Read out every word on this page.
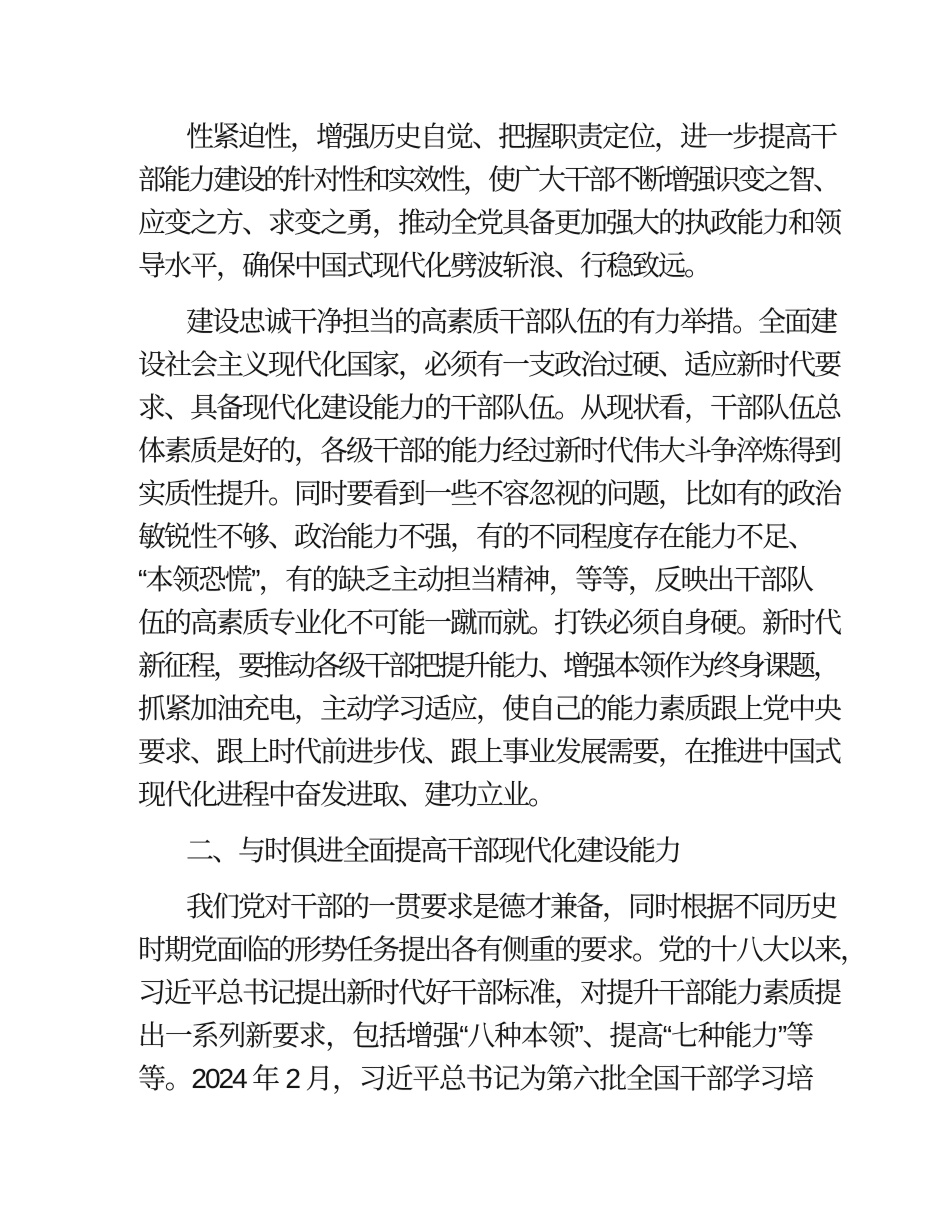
性紧迫性，增强历史自觉、把握职责定位，进一步提高干
部能力建设的针对性和实效性，使广大干部不断增强识变之智、
应变之方、求变之勇，推动全党具备更加强大的执政能力和领
导水平，确保中国式现代化劈波斩浪、行稳致远。
建设忠诚干净担当的高素质干部队伍的有力举措。全面建
设社会主义现代化国家，必须有一支政治过硬、适应新时代要
求、具备现代化建设能力的干部队伍。从现状看，干部队伍总
体素质是好的，各级干部的能力经过新时代伟大斗争淬炼得到
实质性提升。同时要看到一些不容忽视的问题，比如有的政治
敏锐性不够、政治能力不强，有的不同程度存在能力不足、
“本领恐慌”，有的缺乏主动担当精神，等等，反映出干部队
伍的高素质专业化不可能一蹴而就。打铁必须自身硬。新时代
新征程，要推动各级干部把提升能力、增强本领作为终身课题，
抓紧加油充电，主动学习适应，使自己的能力素质跟上党中央
要求、跟上时代前进步伐、跟上事业发展需要，在推进中国式
现代化进程中奋发进取、建功立业。
二、与时俱进全面提高干部现代化建设能力
我们党对干部的一贯要求是德才兼备，同时根据不同历史
时期党面临的形势任务提出各有侧重的要求。党的十八大以来，
习近平总书记提出新时代好干部标准，对提升干部能力素质提
出一系列新要求，包括增强“八种本领”、提高“七种能力”等
等。2024 年 2 月，习近平总书记为第六批全国干部学习培
